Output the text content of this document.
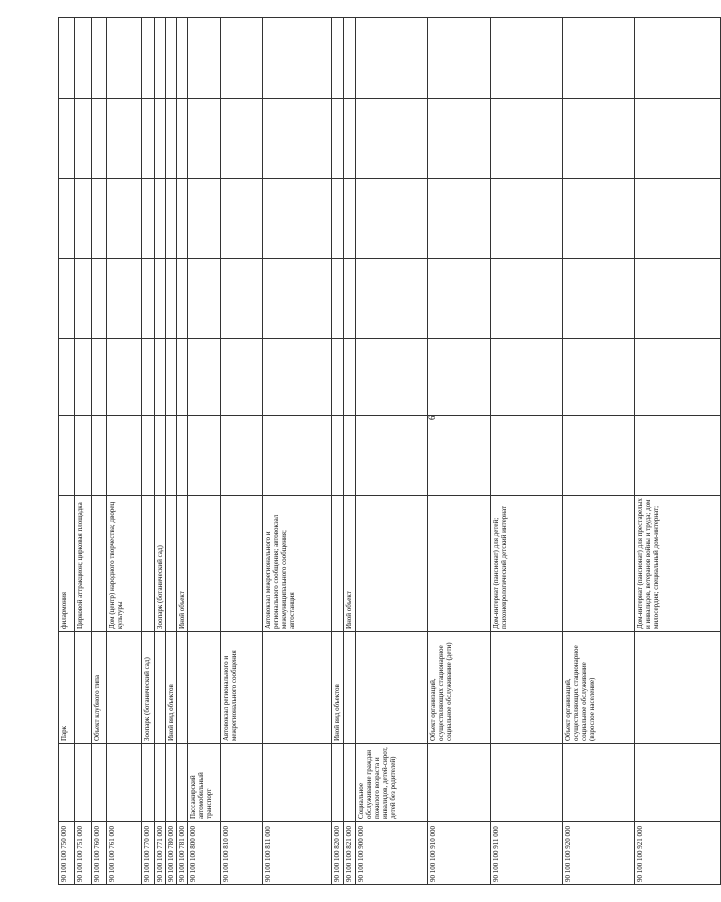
6
90 100 100 750 000		Парк	филармония						
90 100 100 751 000			Цирковой аттракцион; цирковая площадка						
90 100 100 760 000		Объект клубного типа							
90 100 100 761 000			Дом (центр) народного творчества; дворец культуры						
90 100 100 770 000		Зоопарк (ботанический сад)							
90 100 100 771 000			Зоопарк (ботанический сад)						
90 100 100 780 000		Иной вид объектов							
90 100 100 781 000			Иной объект						
90 100 100 800 000	Пассажирский автомобильный транспорт								
90 100 100 810 000		Автовокзал регионального и межрегионального сообщения							
90 100 100 811 000			Автовокзал межрегионального и регионального сообщения; автовокзал межмуниципального сообщения; автостанция						
90 100 100 820 000		Иной вид объектов							
90 100 100 821 000			Иной объект						
90 100 100 900 000	Социальное обслуживание граждан пожилого возраста и инвалидов, детей-сирот, детей без родителей)								
90 100 100 910 000		Объект организаций, осуществляющих стационарное социальное обслуживание (дети)							
90 100 100 911 000			Дом-интернат (пансионат) для детей; психоневрологический детский интернат						
90 100 100 920 000		Объект организаций, осуществляющих стационарное социальное обслуживание (взрослое население)							
90 100 100 921 000			Дом-интернат (пансионат) для престарелых и инвалидов, ветеранов войны и труда; дом милосердия; специальный дом-интернат;						
